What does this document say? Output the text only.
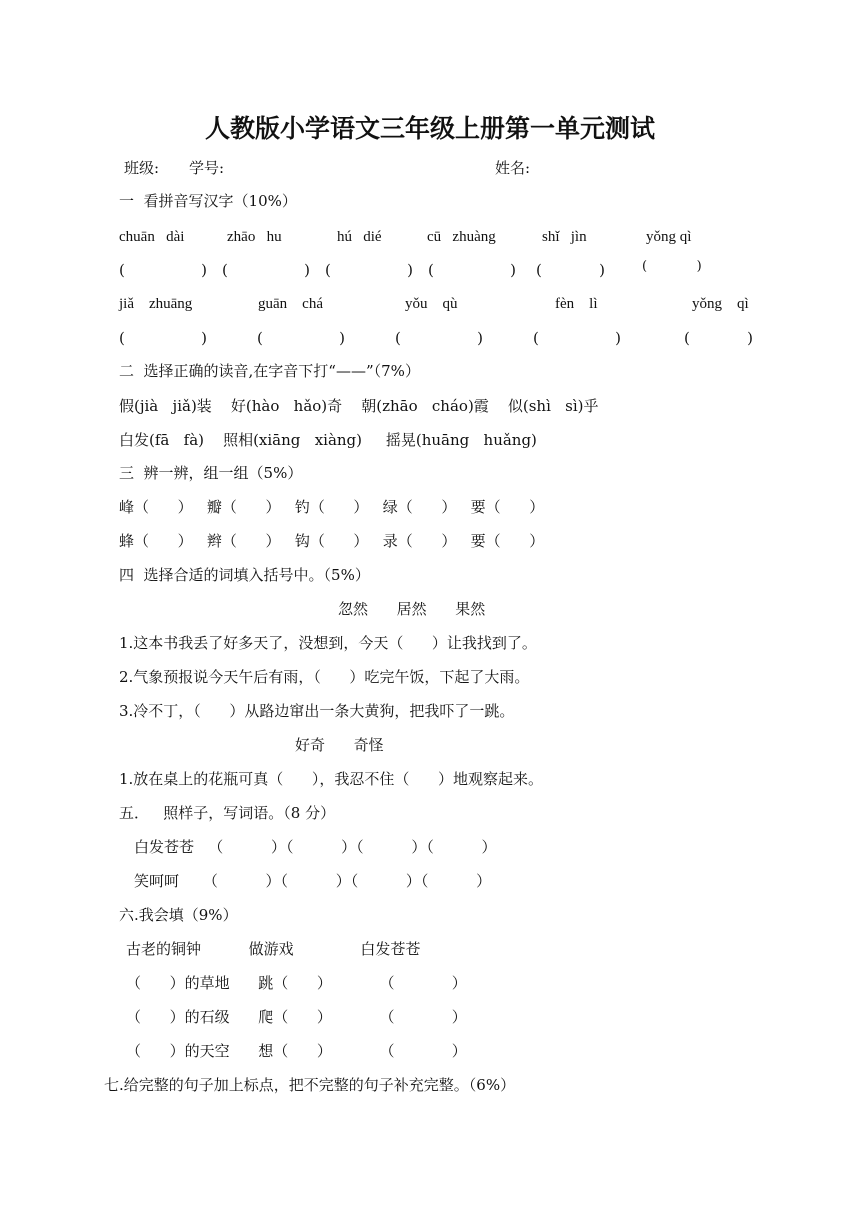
人教版小学语文三年级上册第一单元测试
班级: 学号:	姓名:
一  看拼音写汉字（10%）
chuān   dài	zhāo   hu	hú   dié	cū   zhuàng	shǐ   jìn	yǒng qì
(                ) (                ) (                ) (                ) (            )	(            )
jiǎ    zhuāng	guān    chá	yǒu    qù	fèn    lì	yǒng    qì
(                )	(                )	(                )	(                )	(            )
二  选择正确的读音,在字音下打“——”（7%）
假(jià   jiǎ)装    好(hào   hǎo)奇    朝(zhāo   cháo)霞    似(shì   sì)乎
白发(fā   fà)    照相(xiāng   xiàng)     摇晃(huāng   huǎng)
三  辨一辨，组一组（5%）
峰（      ）   瓣（      ）   钓（      ）   绿（      ）   要（      ）
蜂（      ）   辫（      ）   钩（      ）   录（      ）   要（      ）
四  选择合适的词填入括号中。（5%）
忽然      居然      果然
1.这本书我丢了好多天了，没想到，今天（      ）让我找到了。
2.气象预报说今天午后有雨，（      ）吃完午饭，下起了大雨。
3.冷不丁，（      ）从路边窜出一条大黄狗，把我吓了一跳。
好奇      奇怪
1.放在桌上的花瓶可真（      ），我忍不住（      ）地观察起来。
五．   照样子，写词语。（8 分）
白发苍苍   （          ）（          ）（          ）（          ）
笑呵呵     （          ）（          ）（          ）（          ）
六.我会填（9%）
古老的铜钟          做游戏              白发苍苍
（      ）的草地      跳（      ）          （            ）
（      ）的石级      爬（      ）          （            ）
（      ）的天空      想（      ）          （            ）
七.给完整的句子加上标点，把不完整的句子补充完整。（6%）
